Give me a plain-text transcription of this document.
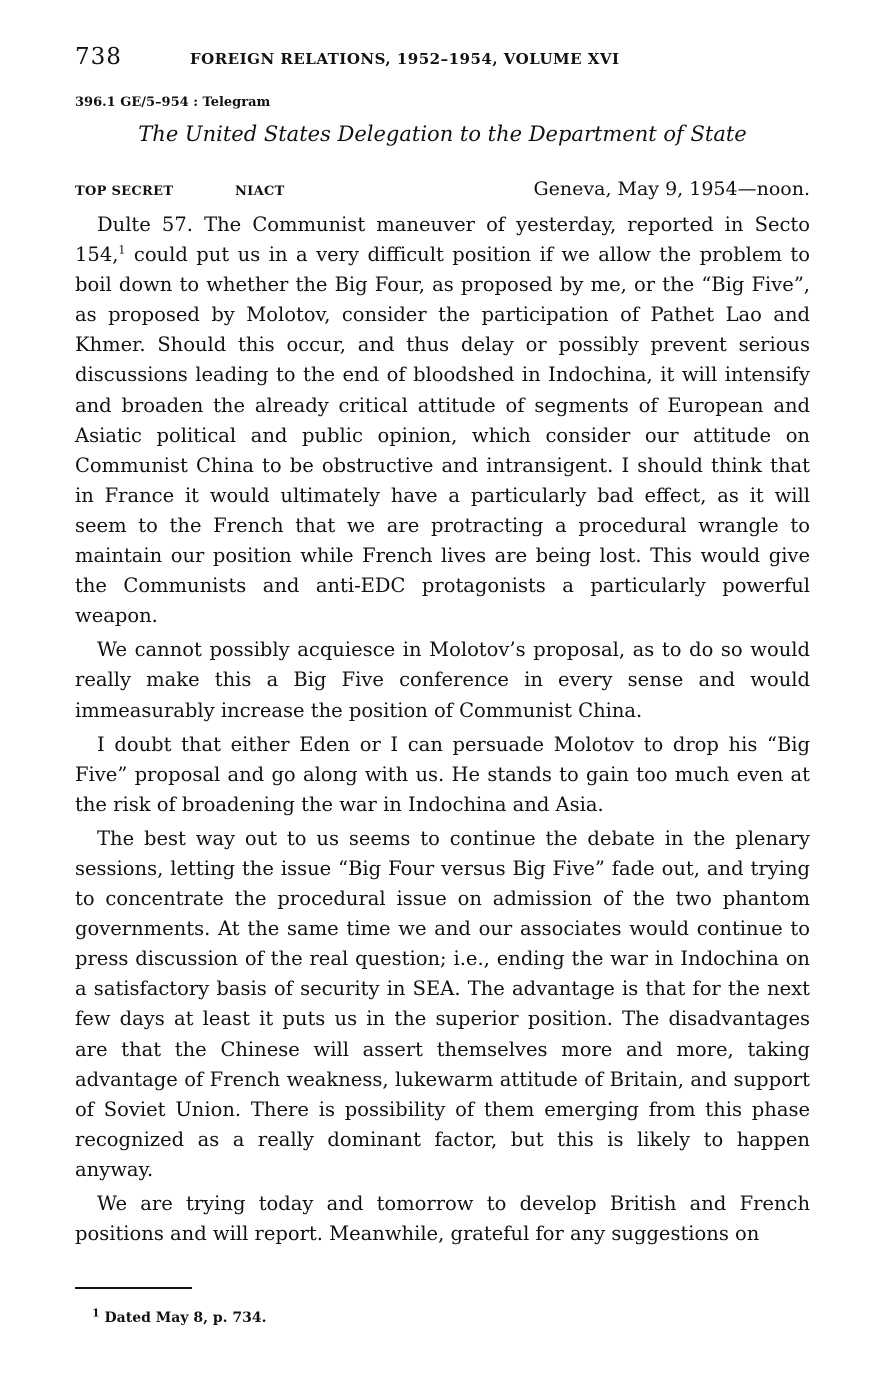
738	FOREIGN RELATIONS, 1952–1954, VOLUME XVI
396.1 GE/5–954 : Telegram
The United States Delegation to the Department of State
TOP SECRET	NIACT	Geneva, May 9, 1954—noon.

Dulte 57. The Communist maneuver of yesterday, reported in Secto 154,$^1$ could put us in a very difficult position if we allow the problem to boil down to whether the Big Four, as proposed by me, or the “Big Five”, as proposed by Molotov, consider the participation of Pathet Lao and Khmer. Should this occur, and thus delay or possibly prevent serious discussions leading to the end of bloodshed in Indochina, it will intensify and broaden the already critical attitude of segments of European and Asiatic political and public opinion, which consider our attitude on Communist China to be obstructive and intransigent. I should think that in France it would ultimately have a particularly bad effect, as it will seem to the French that we are protracting a procedural wrangle to maintain our position while French lives are being lost. This would give the Communists and anti-EDC protagonists a particularly powerful weapon.

We cannot possibly acquiesce in Molotov’s proposal, as to do so would really make this a Big Five conference in every sense and would immeasurably increase the position of Communist China.

I doubt that either Eden or I can persuade Molotov to drop his “Big Five” proposal and go along with us. He stands to gain too much even at the risk of broadening the war in Indochina and Asia.

The best way out to us seems to continue the debate in the plenary sessions, letting the issue “Big Four versus Big Five” fade out, and trying to concentrate the procedural issue on admission of the two phantom governments. At the same time we and our associates would continue to press discussion of the real question; i.e., ending the war in Indochina on a satisfactory basis of security in SEA. The advantage is that for the next few days at least it puts us in the superior position. The disadvantages are that the Chinese will assert themselves more and more, taking advantage of French weakness, lukewarm attitude of Britain, and support of Soviet Union. There is possibility of them emerging from this phase recognized as a really dominant factor, but this is likely to happen anyway.

We are trying today and tomorrow to develop British and French positions and will report. Meanwhile, grateful for any suggestions on

$^1$ Dated May 8, p. 734.
